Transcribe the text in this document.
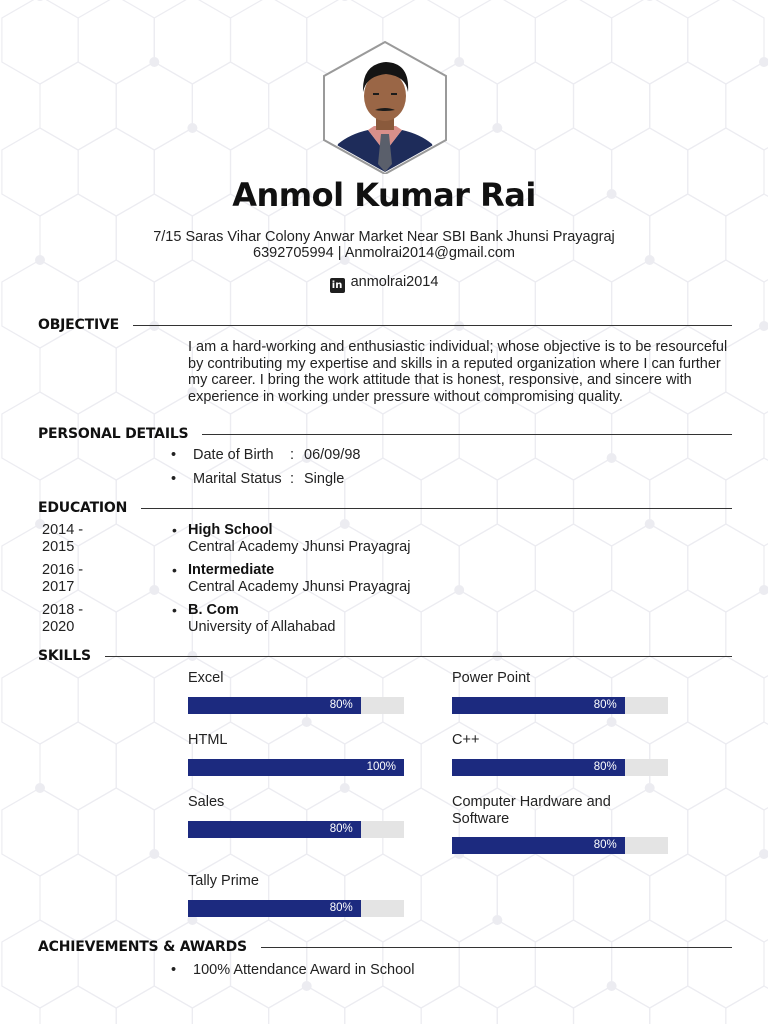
Anmol Kumar Rai
7/15 Saras Vihar Colony Anwar Market Near SBI Bank Jhunsi Prayagraj
6392705994 | Anmolrai2014@gmail.com
in anmolrai2014
OBJECTIVE
I am a hard-working and enthusiastic individual; whose objective is to be resourceful by contributing my expertise and skills in a reputed organization where I can further my career. I bring the work attitude that is honest, responsive, and sincere with experience in working under pressure without compromising quality.
PERSONAL DETAILS
• Date of Birth : 06/09/98
• Marital Status : Single
EDUCATION
2014 -
2015
• High School
Central Academy Jhunsi Prayagraj
2016 -
2017
• Intermediate
Central Academy Jhunsi Prayagraj
2018 -
2020
• B. Com
University of Allahabad
SKILLS
Excel
80%
Power Point
80%
HTML
100%
C++
80%
Sales
80%
Computer Hardware and Software
80%
Tally Prime
80%
ACHIEVEMENTS & AWARDS
• 100% Attendance Award in School
